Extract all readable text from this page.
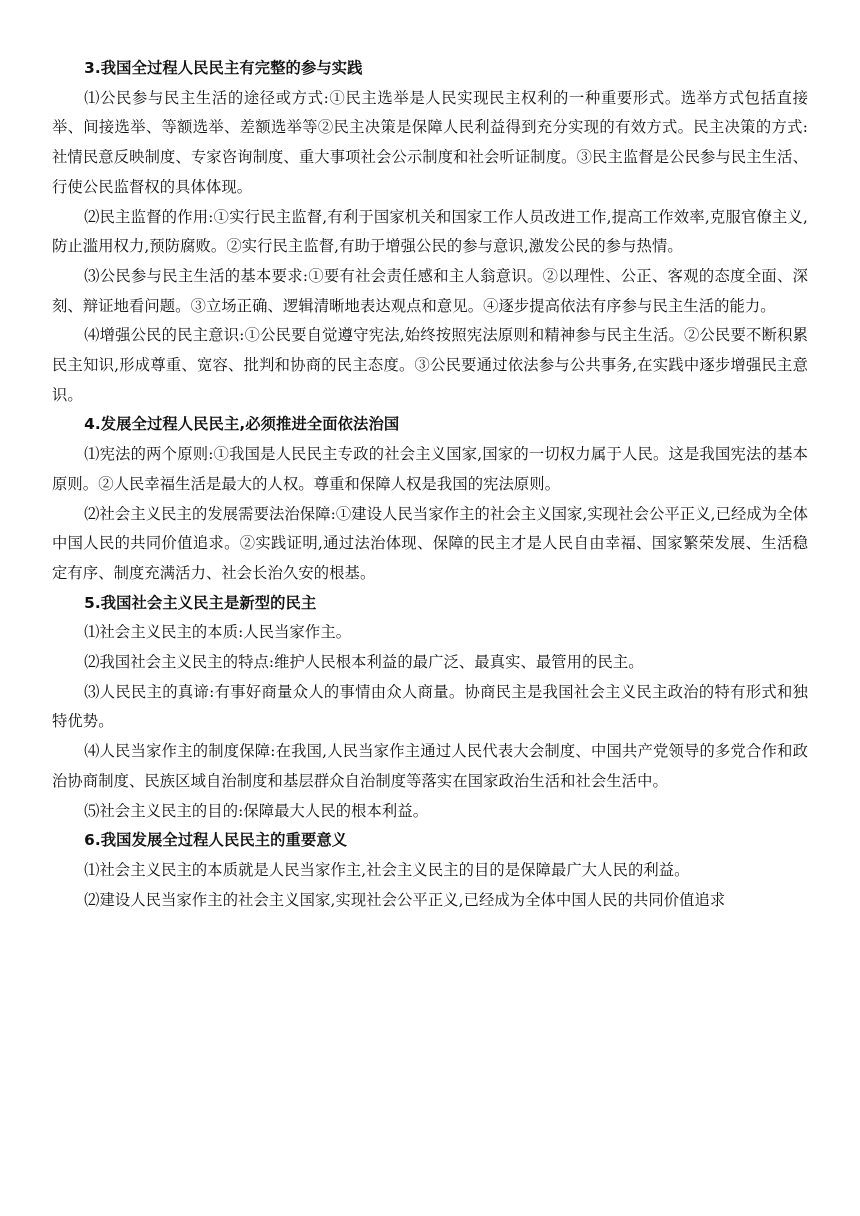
3.我国全过程人民民主有完整的参与实践

⑴公民参与民主生活的途径或方式:①民主选举是人民实现民主权利的一种重要形式。选举方式包括直接举、间接选举、等额选举、差额选举等②民主决策是保障人民利益得到充分实现的有效方式。民主决策的方式:社情民意反映制度、专家咨询制度、重大事项社会公示制度和社会听证制度。③民主监督是公民参与民主生活、行使公民监督权的具体体现。

⑵民主监督的作用:①实行民主监督,有利于国家机关和国家工作人员改进工作,提高工作效率,克服官僚主义,防止滥用权力,预防腐败。②实行民主监督,有助于增强公民的参与意识,激发公民的参与热情。

⑶公民参与民主生活的基本要求:①要有社会责任感和主人翁意识。②以理性、公正、客观的态度全面、深刻、辩证地看问题。③立场正确、逻辑清晰地表达观点和意见。④逐步提高依法有序参与民主生活的能力。

⑷增强公民的民主意识:①公民要自觉遵守宪法,始终按照宪法原则和精神参与民主生活。②公民要不断积累民主知识,形成尊重、宽容、批判和协商的民主态度。③公民要通过依法参与公共事务,在实践中逐步增强民主意识。

4.发展全过程人民民主,必须推进全面依法治国

⑴宪法的两个原则:①我国是人民民主专政的社会主义国家,国家的一切权力属于人民。这是我国宪法的基本原则。②人民幸福生活是最大的人权。尊重和保障人权是我国的宪法原则。

⑵社会主义民主的发展需要法治保障:①建设人民当家作主的社会主义国家,实现社会公平正义,已经成为全体中国人民的共同价值追求。②实践证明,通过法治体现、保障的民主才是人民自由幸福、国家繁荣发展、生活稳定有序、制度充满活力、社会长治久安的根基。

5.我国社会主义民主是新型的民主

⑴社会主义民主的本质:人民当家作主。

⑵我国社会主义民主的特点:维护人民根本利益的最广泛、最真实、最管用的民主。

⑶人民民主的真谛:有事好商量众人的事情由众人商量。协商民主是我国社会主义民主政治的特有形式和独特优势。

⑷人民当家作主的制度保障:在我国,人民当家作主通过人民代表大会制度、中国共产党领导的多党合作和政治协商制度、民族区域自治制度和基层群众自治制度等落实在国家政治生活和社会生活中。

⑸社会主义民主的目的:保障最大人民的根本利益。

6.我国发展全过程人民民主的重要意义

⑴社会主义民主的本质就是人民当家作主,社会主义民主的目的是保障最广大人民的利益。

⑵建设人民当家作主的社会主义国家,实现社会公平正义,已经成为全体中国人民的共同价值追求
